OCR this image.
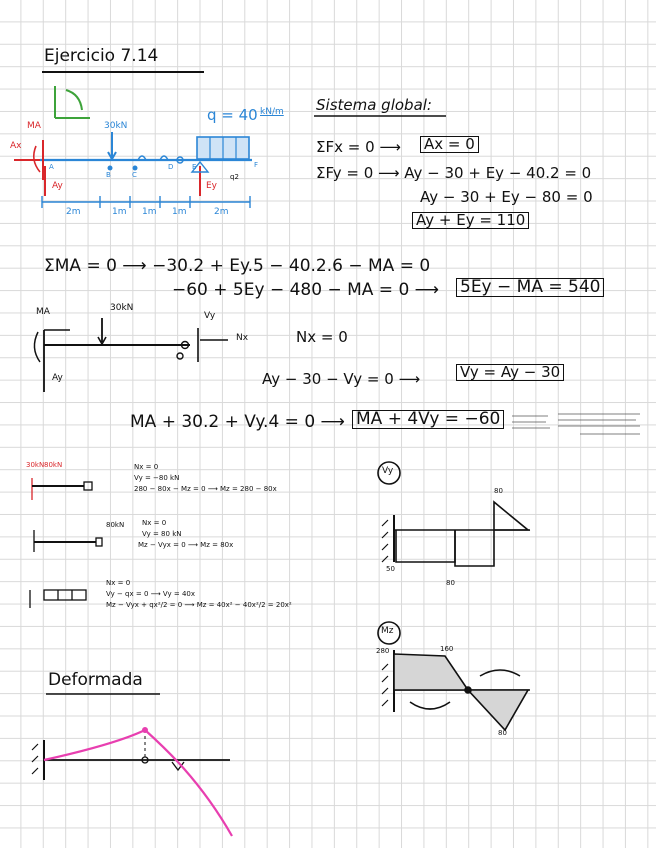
Ejercicio 7.14
30kN
q = 40 kN/m
MA
Ax
Ay	Ey
A
B	C
D	E	F
q2
2m	1m 1m 1m	2m
Sistema global:
ΣFx = 0 ⟶ Ax = 0
ΣFy = 0 ⟶ Ay − 30 + Ey − 40.2 = 0
Ay − 30 + Ey − 80 = 0
Ay + Ey = 110
ΣMA = 0 ⟶ −30.2 + Ey.5 − 40.2.6 − MA = 0
−60 + 5Ey − 480 − MA = 0 ⟶ 5Ey − MA = 540
MA	30kN
Vy
Nx
Ay
Nx = 0
Ay − 30 − Vy = 0 ⟶	Vy = Ay − 30
MA + 30.2 + Vy.4 = 0 ⟶ MA + 4Vy = −60
30kN 80kN	Nx = 0
Vy = −80 kN
280 − 80x − Mz = 0 ⟶ Mz = 280 − 80x
80kN	Nx = 0
Vy = 80 kN
Mz − Vyx = 0 ⟶ Mz = 80x
Nx = 0
Vy − qx = 0 ⟶ Vy = 40x
Mz − Vyx + qx²/2 = 0 ⟶ Mz = 40x² − 40x²/2 = 20x²
Vy
80
50
80
Mz
280	160
80
Deformada
